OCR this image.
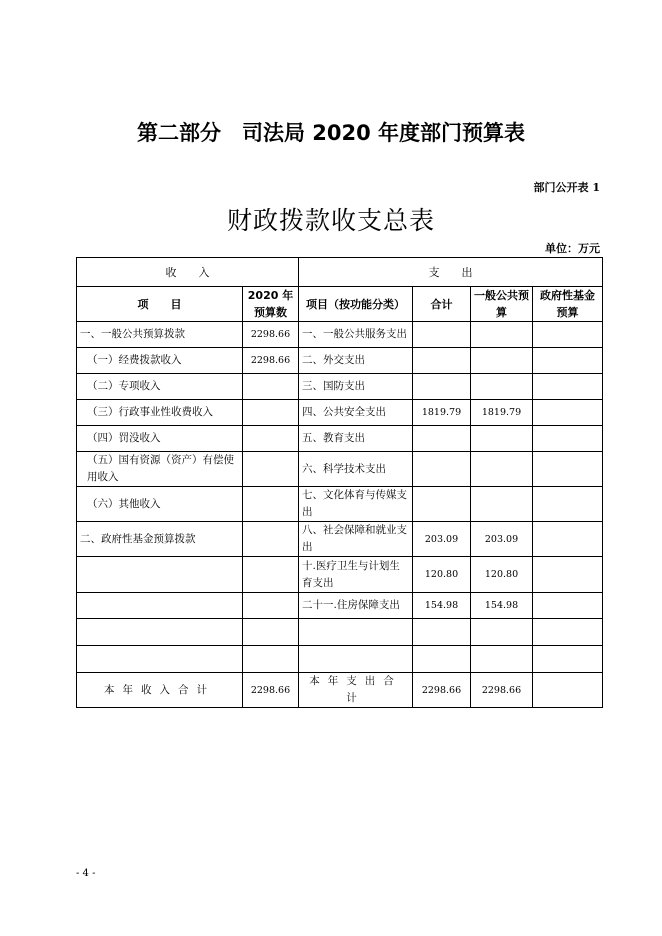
第二部分　司法局 2020 年度部门预算表
部门公开表 1
财政拨款收支总表
单位：万元
收　　入		支　　出			
项　　目	2020 年预算数	项目（按功能分类）	合计	一般公共预算	政府性基金预算
一、一般公共预算拨款	2298.66	一、一般公共服务支出			
（一）经费拨款收入	2298.66	二、外交支出			
（二）专项收入		三、国防支出			
（三）行政事业性收费收入		四、公共安全支出	1819.79	1819.79	
（四）罚没收入		五、教育支出			
（五）国有资源（资产）有偿使用收入		六、科学技术支出			
（六）其他收入		七、文化体育与传媒支出			
二、政府性基金预算拨款		八、社会保障和就业支出	203.09	203.09	
		十.医疗卫生与计划生育支出	120.80	120.80	
		二十一.住房保障支出	154.98	154.98	

本年收入合计	2298.66	本年支出合计	2298.66	2298.66	
- 4 -
